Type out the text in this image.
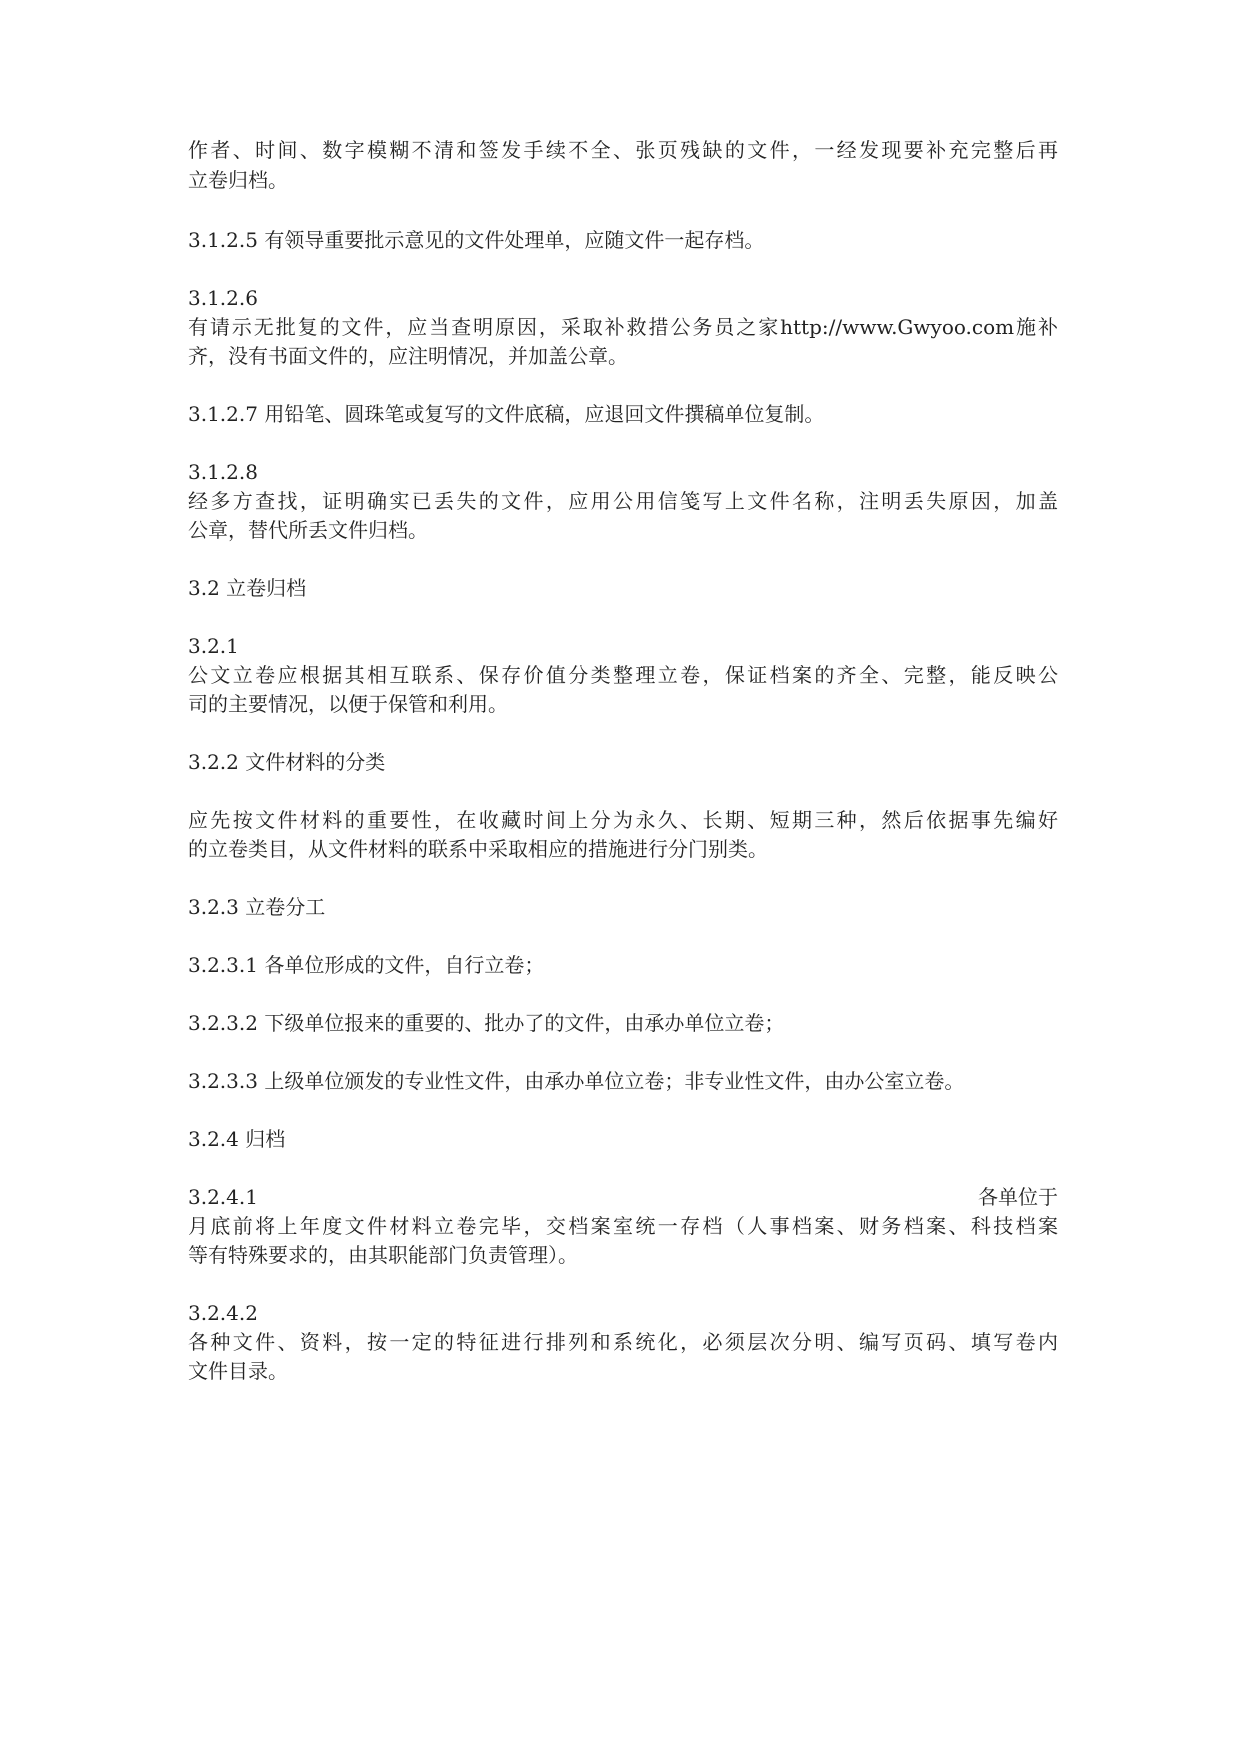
作者、时间、数字模糊不清和签发手续不全、张页残缺的文件，一经发现要补充完整后再
立卷归档。
3.1.2.5 有领导重要批示意见的文件处理单，应随文件一起存档。
3.1.2.6
有请示无批复的文件，应当查明原因，采取补救措公务员之家http://www.Gwyoo.com施补
齐，没有书面文件的，应注明情况，并加盖公章。
3.1.2.7 用铅笔、圆珠笔或复写的文件底稿，应退回文件撰稿单位复制。
3.1.2.8
经多方查找，证明确实已丢失的文件，应用公用信笺写上文件名称，注明丢失原因，加盖
公章，替代所丢文件归档。
3.2 立卷归档
3.2.1
公文立卷应根据其相互联系、保存价值分类整理立卷，保证档案的齐全、完整，能反映公
司的主要情况，以便于保管和利用。
3.2.2 文件材料的分类
应先按文件材料的重要性，在收藏时间上分为永久、长期、短期三种，然后依据事先编好
的立卷类目，从文件材料的联系中采取相应的措施进行分门别类。
3.2.3 立卷分工
3.2.3.1 各单位形成的文件，自行立卷；
3.2.3.2 下级单位报来的重要的、批办了的文件，由承办单位立卷；
3.2.3.3 上级单位颁发的专业性文件，由承办单位立卷；非专业性文件，由办公室立卷。
3.2.4 归档
3.2.4.1	各单位于
月底前将上年度文件材料立卷完毕，交档案室统一存档（人事档案、财务档案、科技档案
等有特殊要求的，由其职能部门负责管理）。
3.2.4.2
各种文件、资料，按一定的特征进行排列和系统化，必须层次分明、编写页码、填写卷内
文件目录。
